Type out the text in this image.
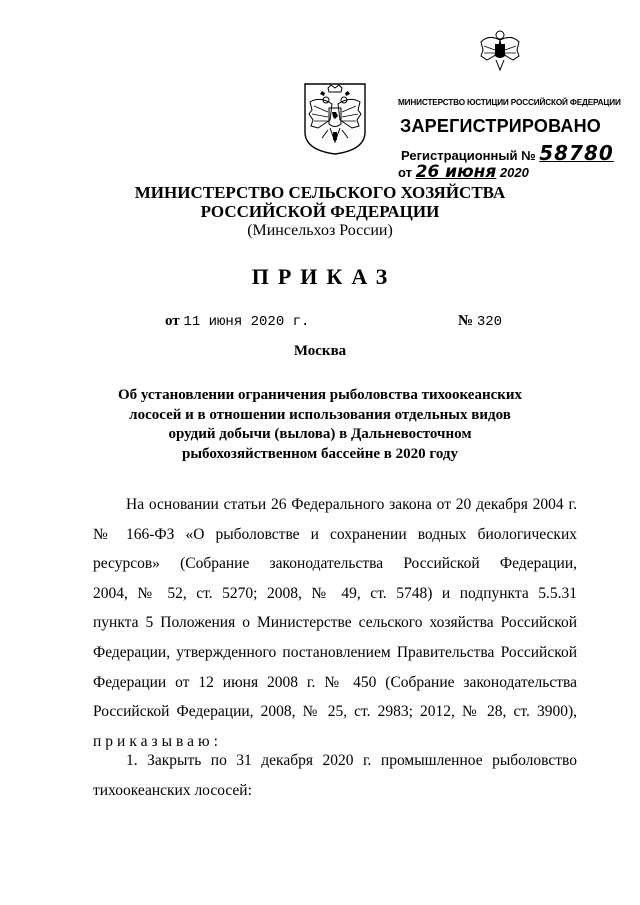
МИНИСТЕРСТВО ЮСТИЦИИ РОССИЙСКОЙ ФЕДЕРАЦИИ
ЗАРЕГИСТРИРОВАНО
Регистрационный № 58780
от 26 июня 2020
МИНИСТЕРСТВО СЕЛЬСКОГО ХОЗЯЙСТВА
РОССИЙСКОЙ ФЕДЕРАЦИИ
(Минсельхоз России)
ПРИКАЗ
от 11 июня 2020 г.	№ 320
Москва
Об установлении ограничения рыболовства тихоокеанских
лососей и в отношении использования отдельных видов
орудий добычи (вылова) в Дальневосточном
рыбохозяйственном бассейне в 2020 году
На основании статьи 26 Федерального закона от 20 декабря 2004 г.
№ 166-ФЗ «О рыболовстве и сохранении водных биологических
ресурсов» (Собрание законодательства Российской Федерации,
2004, № 52, ст. 5270; 2008, № 49, ст. 5748) и подпункта 5.5.31
пункта 5 Положения о Министерстве сельского хозяйства Российской
Федерации, утвержденного постановлением Правительства Российской
Федерации от 12 июня 2008 г. № 450 (Собрание законодательства
Российской Федерации, 2008, № 25, ст. 2983; 2012, № 28, ст. 3900),
приказываю:
1. Закрыть по 31 декабря 2020 г. промышленное рыболовство
тихоокеанских лососей:
